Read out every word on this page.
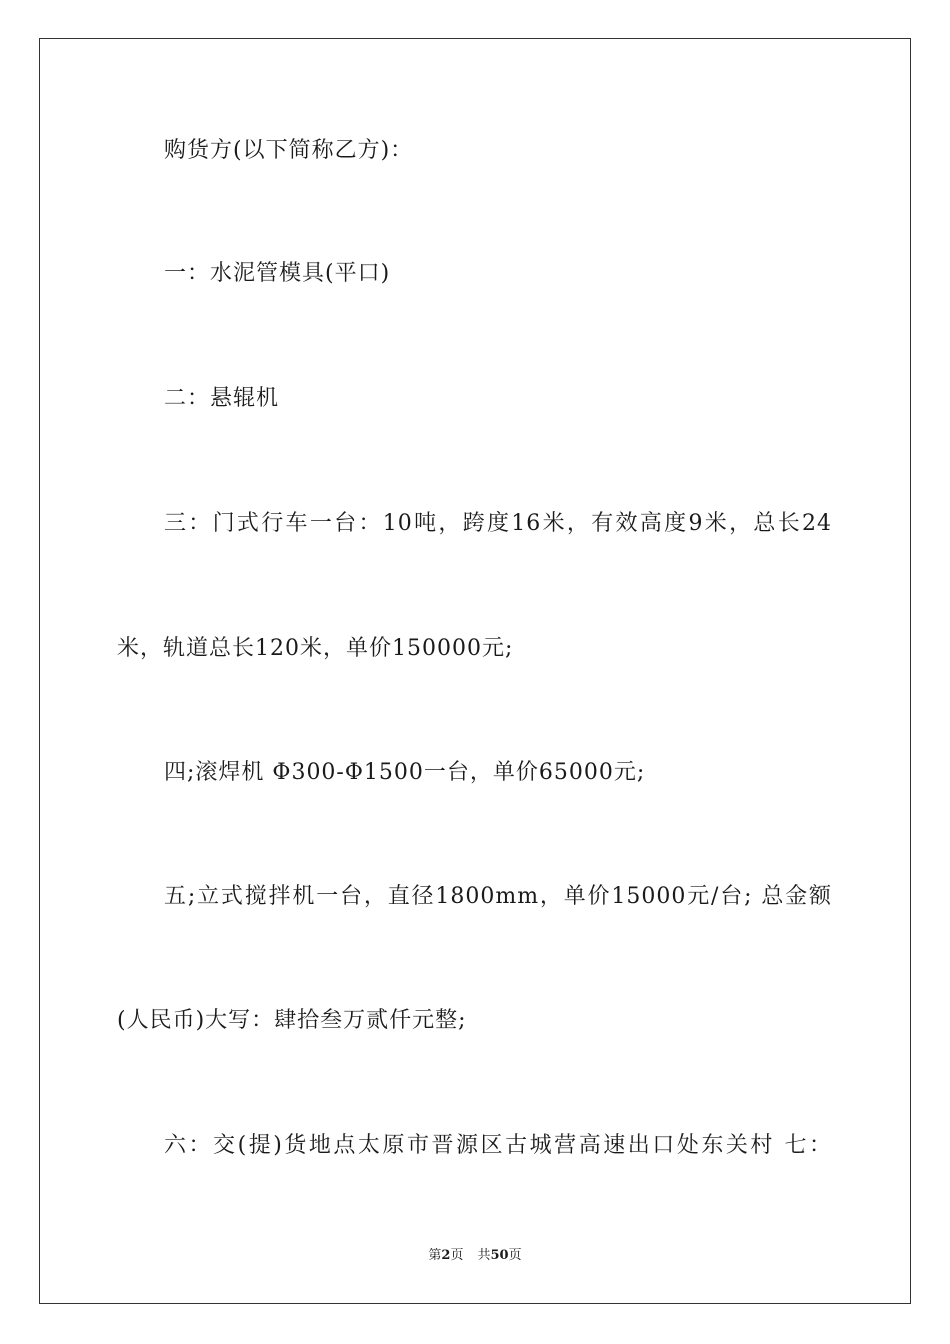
购货方(以下简称乙方)：
一：水泥管模具(平口)
二：悬辊机
三：门式行车一台：10吨，跨度16米，有效高度9米，总长24
米，轨道总长120米，单价150000元;
四;滚焊机 Φ300-Φ1500一台，单价65000元;
五;立式搅拌机一台，直径1800mm，单价15000元/台; 总金额
(人民币)大写：肆拾叁万贰仟元整;
六：交(提)货地点太原市晋源区古城营高速出口处东关村 七：
第2页 共50页
